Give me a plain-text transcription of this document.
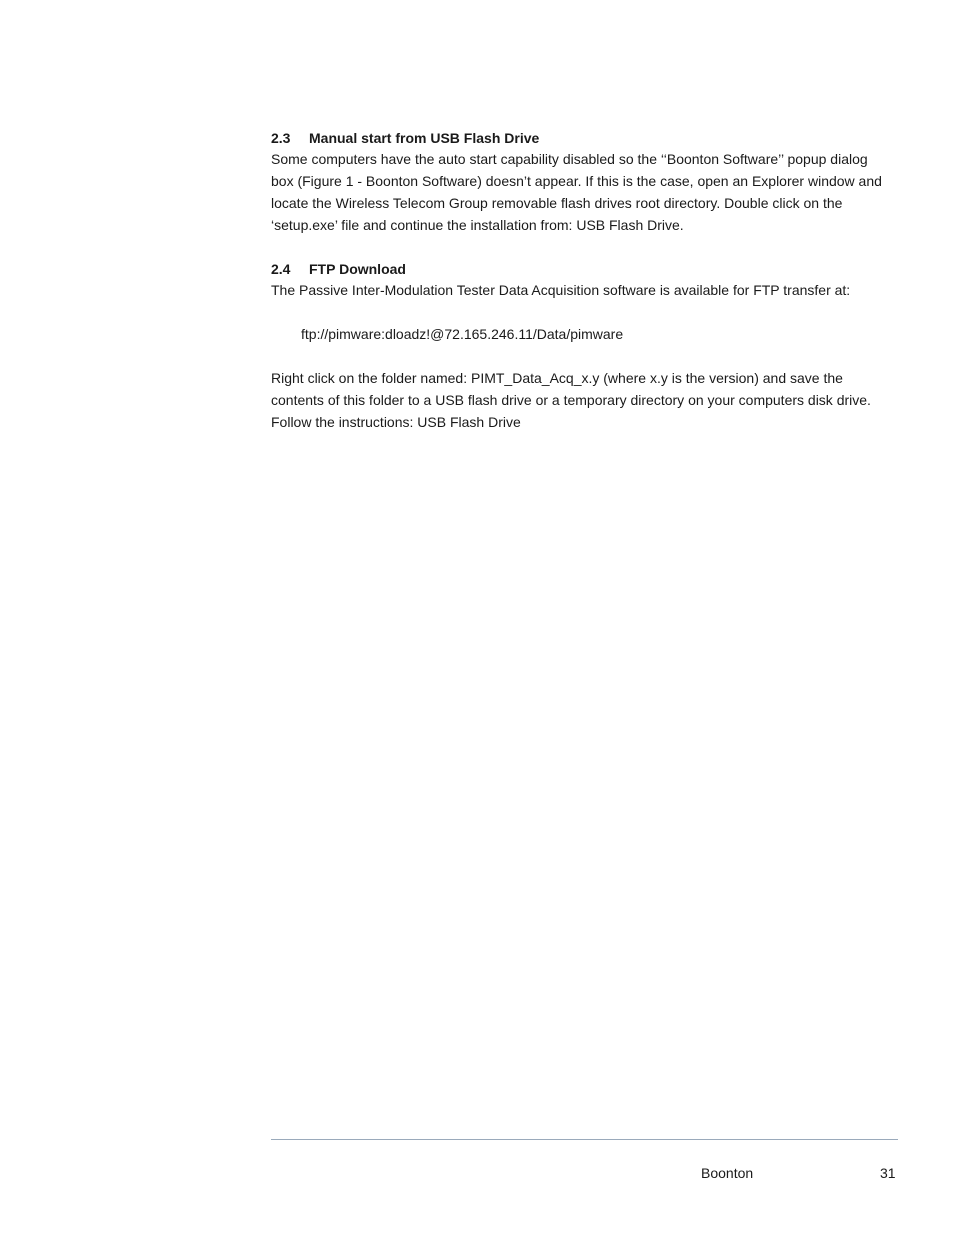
2.3 Manual start from USB Flash Drive

Some computers have the auto start capability disabled so the ‘‘Boonton Software’’ popup dialog box (Figure 1 - Boonton Software) doesn’t appear. If this is the case, open an Explorer window and locate the Wireless Telecom Group removable flash drives root directory. Double click on the ‘setup.exe’ file and continue the installation from: USB Flash Drive.

2.4 FTP Download

The Passive Inter-Modulation Tester Data Acquisition software is available for FTP transfer at:

ftp://pimware:dloadz!@72.165.246.11/Data/pimware
Right click on the folder named: PIMT_Data_Acq_x.y (where x.y is the version) and save the contents of this folder to a USB flash drive or a temporary directory on your computers disk drive. Follow the instructions: USB Flash Drive
Boonton	31
